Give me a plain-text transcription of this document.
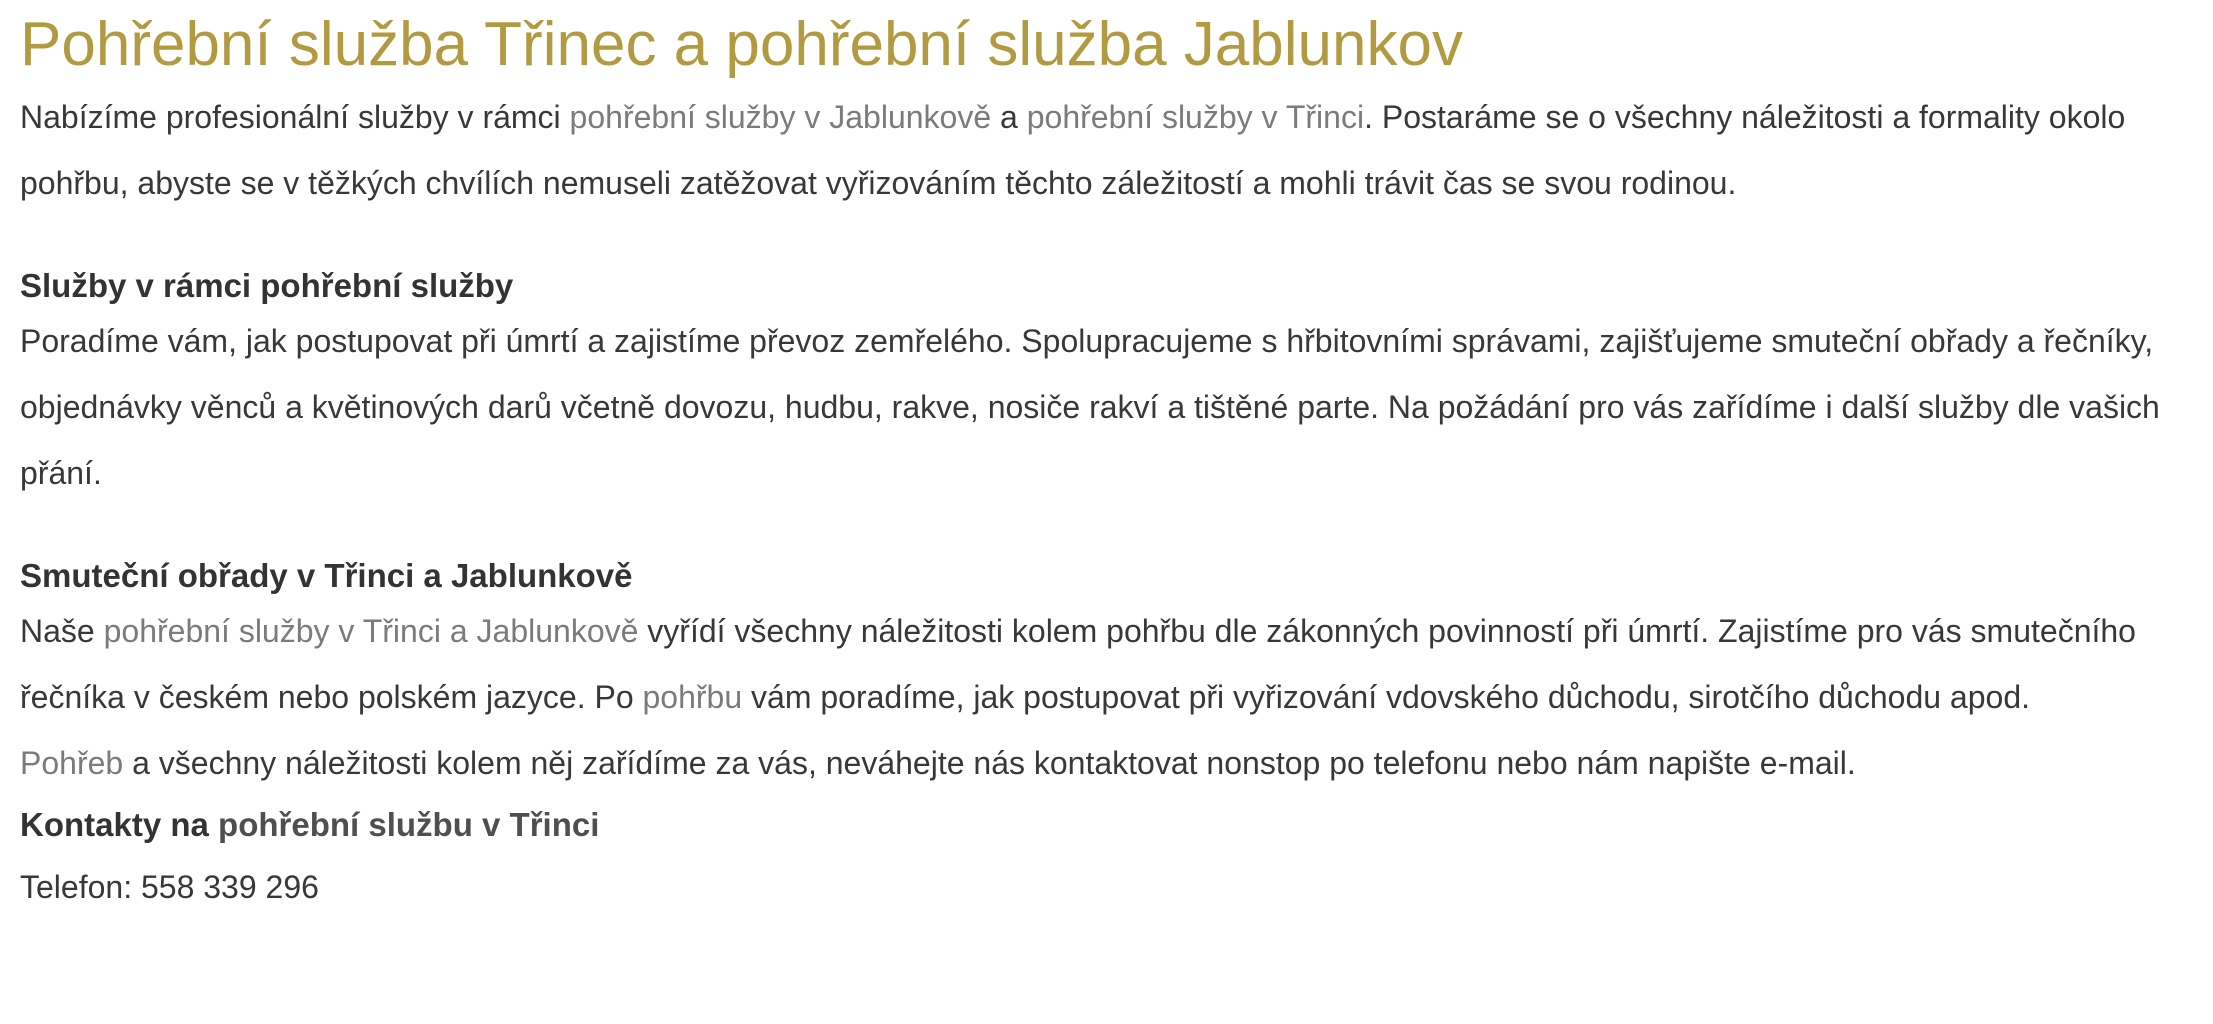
Pohřební služba Třinec a pohřební služba Jablunkov

Nabízíme profesionální služby v rámci pohřební služby v Jablunkově a pohřební služby v Třinci. Postaráme se o všechny náležitosti a formality okolo pohřbu, abyste se v těžkých chvílích nemuseli zatěžovat vyřizováním těchto záležitostí a mohli trávit čas se svou rodinou.

Služby v rámci pohřební služby

Poradíme vám, jak postupovat při úmrtí a zajistíme převoz zemřelého. Spolupracujeme s hřbitovními správami, zajišťujeme smuteční obřady a řečníky, objednávky věnců a květinových darů včetně dovozu, hudbu, rakve, nosiče rakví a tištěné parte. Na požádání pro vás zařídíme i další služby dle vašich přání.

Smuteční obřady v Třinci a Jablunkově

Naše pohřební služby v Třinci a Jablunkově vyřídí všechny náležitosti kolem pohřbu dle zákonných povinností při úmrtí. Zajistíme pro vás smutečního řečníka v českém nebo polském jazyce. Po pohřbu vám poradíme, jak postupovat při vyřizování vdovského důchodu, sirotčího důchodu apod.

Pohřeb a všechny náležitosti kolem něj zařídíme za vás, neváhejte nás kontaktovat nonstop po telefonu nebo nám napište e-mail.

Kontakty na pohřební službu v Třinci

Telefon: 558 339 296
